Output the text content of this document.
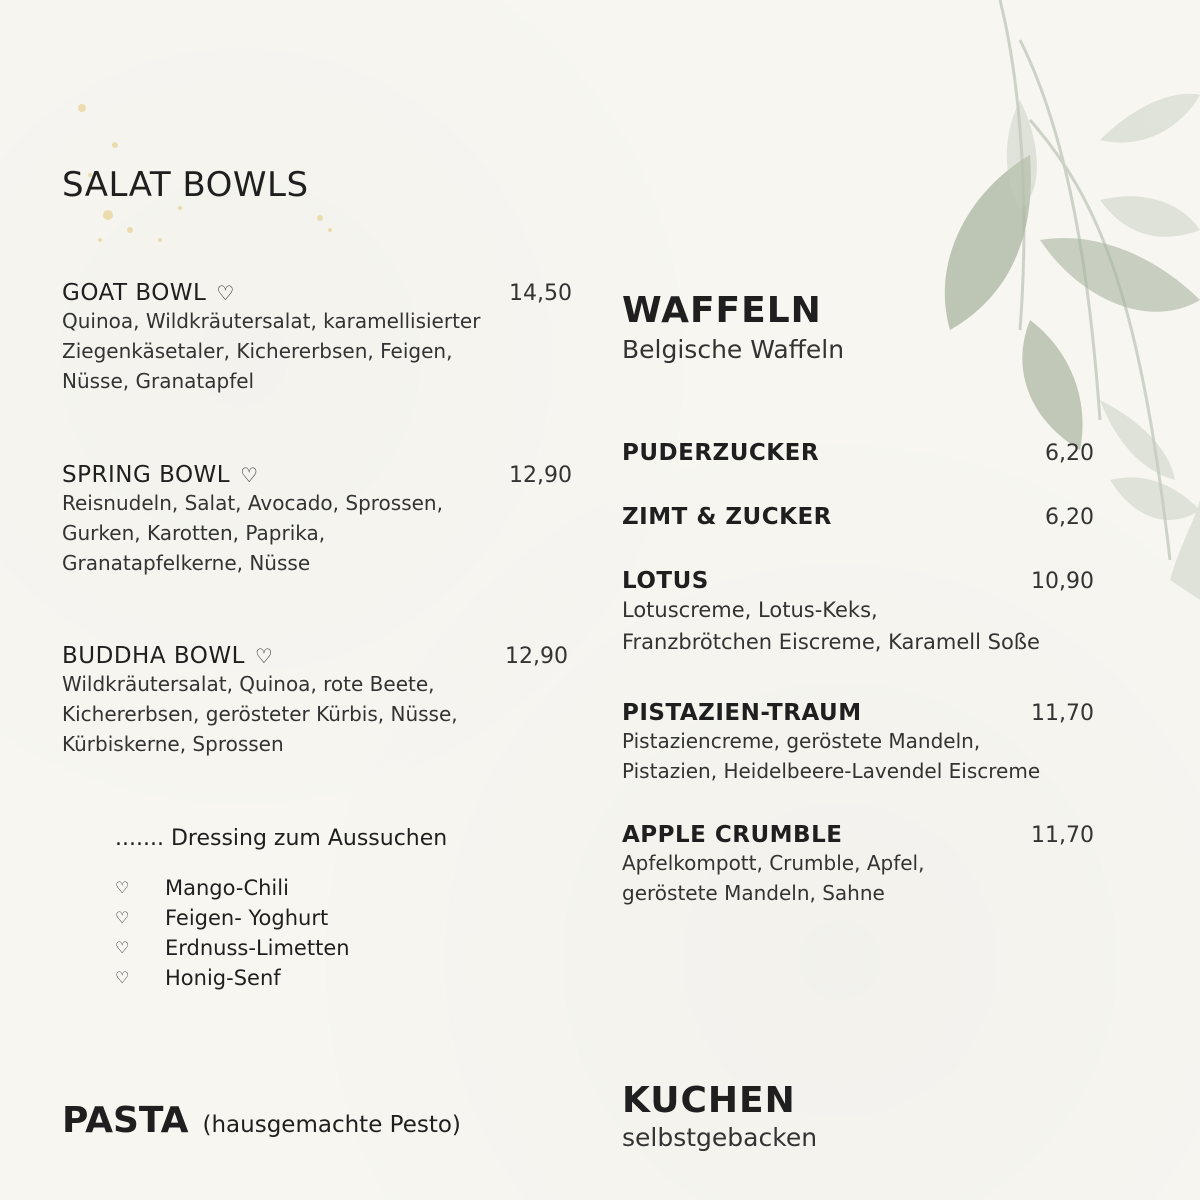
SALAT BOWLS
GOAT BOWL ♡	14,50
Quinoa, Wildkräutersalat, karamellisierter
Ziegenkäsetaler, Kichererbsen, Feigen,
Nüsse, Granatapfel
SPRING BOWL ♡	12,90
Reisnudeln, Salat, Avocado, Sprossen,
Gurken, Karotten, Paprika,
Granatapfelkerne, Nüsse
BUDDHA BOWL ♡	12,90
Wildkräutersalat, Quinoa, rote Beete,
Kichererbsen, gerösteter Kürbis, Nüsse,
Kürbiskerne, Sprossen
....... Dressing zum Aussuchen
♡	Mango-Chili
♡	Feigen- Yoghurt
♡	Erdnuss-Limetten
♡	Honig-Senf
PASTA (hausgemachte Pesto)
WAFFELN
Belgische Waffeln
PUDERZUCKER	6,20
ZIMT & ZUCKER	6,20
LOTUS	10,90
Lotuscreme, Lotus-Keks,
Franzbrötchen Eiscreme, Karamell Soße
PISTAZIEN-TRAUM	11,70
Pistaziencreme, geröstete Mandeln,
Pistazien, Heidelbeere-Lavendel Eiscreme
APPLE CRUMBLE	11,70
Apfelkompott, Crumble, Apfel,
geröstete Mandeln, Sahne
KUCHEN
selbstgebacken
